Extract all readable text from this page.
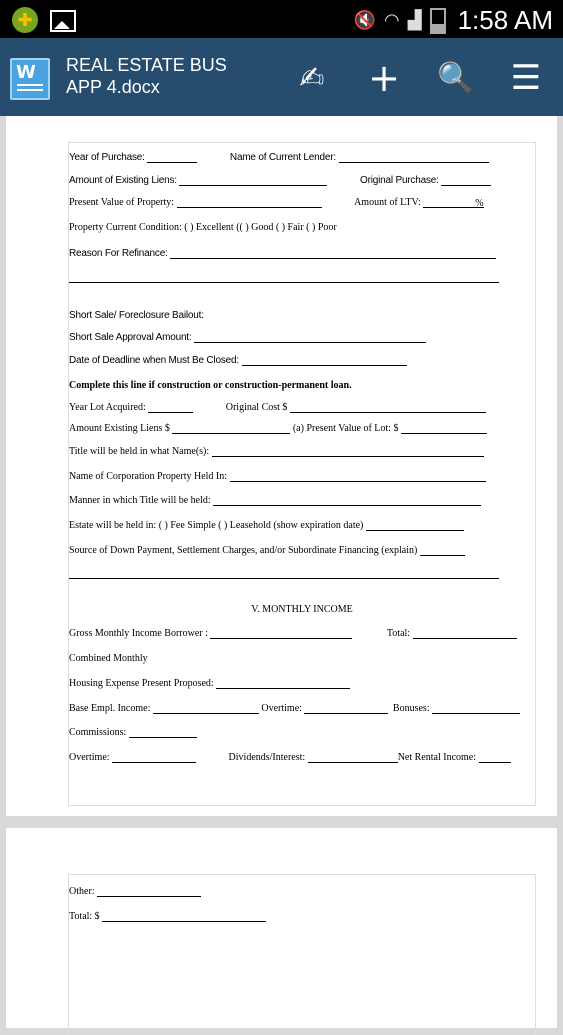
✚	🔇 ◠ ▟ 1:58 AM
W REAL ESTATE BUS
APP 4.docx	✍ + 🔍 ☰
Year of Purchase:	Name of Current Lender:
Amount of Existing Liens:	Original Purchase:
Present Value of Property:	Amount of LTV:	%
Property Current Condition: ( ) Excellent (( ) Good ( ) Fair ( ) Poor
Reason For Refinance:
Short Sale/ Foreclosure Bailout:
Short Sale Approval Amount:
Date of Deadline when Must Be Closed:
Complete this line if construction or construction-permanent loan.
Year Lot Acquired:	Original Cost $
Amount Existing Liens $	(a) Present Value of Lot: $
Title will be held in what Name(s):
Name of Corporation Property Held In:
Manner in which Title will be held:
Estate will be held in: ( ) Fee Simple ( ) Leasehold (show expiration date)
Source of Down Payment, Settlement Charges, and/or Subordinate Financing (explain)
V. MONTHLY INCOME
Gross Monthly Income Borrower :	Total:
Combined Monthly
Housing Expense Present Proposed:
Base Empl. Income:	Overtime:	Bonuses:
Commissions:
Overtime:	Dividends/Interest:	Net Rental Income:
Other:
Total: $
